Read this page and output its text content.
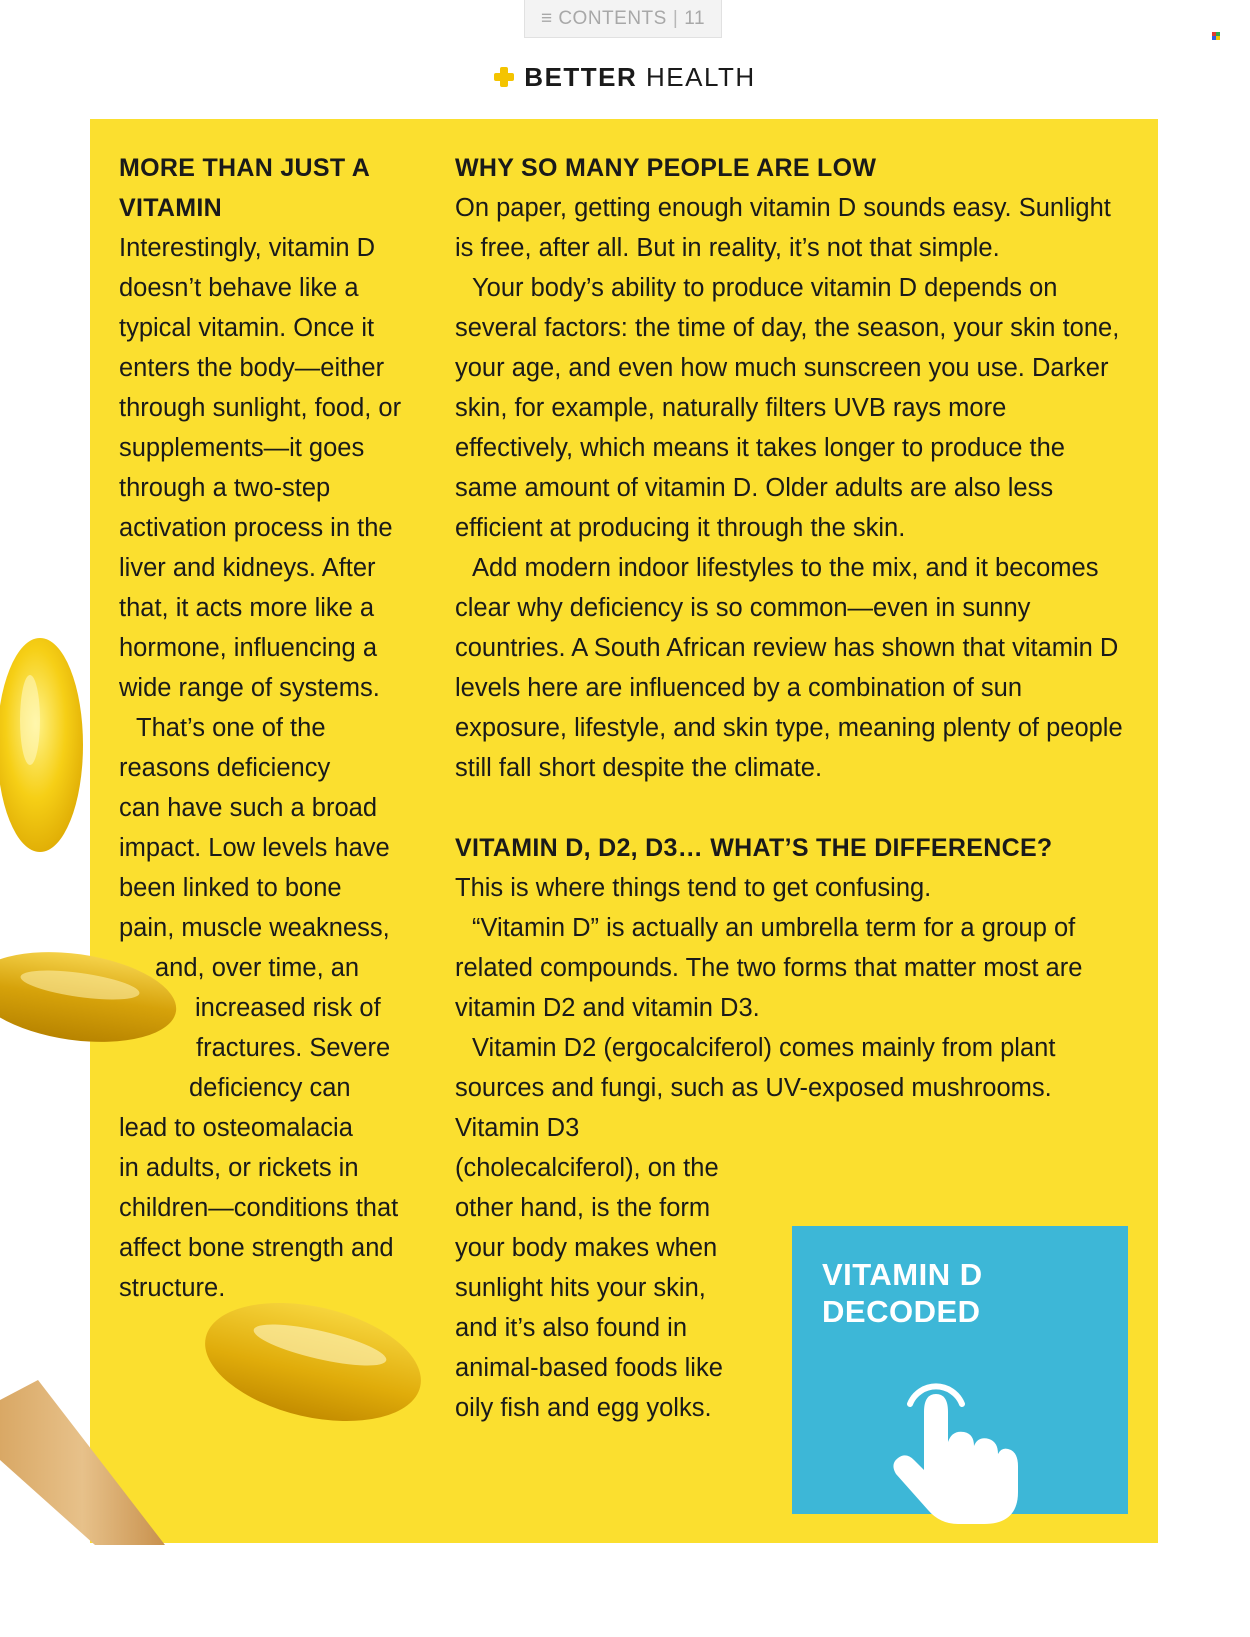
≡ CONTENTS | 11
BETTER HEALTH
MORE THAN JUST A VITAMIN

Interestingly, vitamin D doesn’t behave like a typical vitamin. Once it enters the body—either through sunlight, food, or supplements—it goes through a two-step activation process in the liver and kidneys. After that, it acts more like a hormone, influencing a wide range of systems.

That’s one of the
reasons deficiency
can have such a broad
impact. Low levels have
been linked to bone
pain, muscle weakness,
and, over time, an
increased risk of
fractures. Severe
deficiency can
lead to osteomalacia
in adults, or rickets in
children—conditions that
affect bone strength and
structure.
WHY SO MANY PEOPLE ARE LOW

On paper, getting enough vitamin D sounds easy. Sunlight is free, after all. But in reality, it’s not that simple.

Your body’s ability to produce vitamin D depends on several factors: the time of day, the season, your skin tone, your age, and even how much sunscreen you use. Darker skin, for example, naturally filters UVB rays more effectively, which means it takes longer to produce the same amount of vitamin D. Older adults are also less efficient at producing it through the skin.

Add modern indoor lifestyles to the mix, and it becomes clear why deficiency is so common—even in sunny countries. A South African review has shown that vitamin D levels here are influenced by a combination of sun exposure, lifestyle, and skin type, meaning plenty of people still fall short despite the climate.

VITAMIN D, D2, D3… WHAT’S THE DIFFERENCE?

This is where things tend to get confusing.

“Vitamin D” is actually an umbrella term for a group of related compounds. The two forms that matter most are vitamin D2 and vitamin D3.

Vitamin D2 (ergocalciferol) comes mainly from plant sources and fungi, such as UV-exposed mushrooms. Vitamin D3

(cholecalciferol), on the other hand, is the form your body makes when sunlight hits your skin, and it’s also found in animal-based foods like oily fish and egg yolks.

VITAMIN D DECODED
